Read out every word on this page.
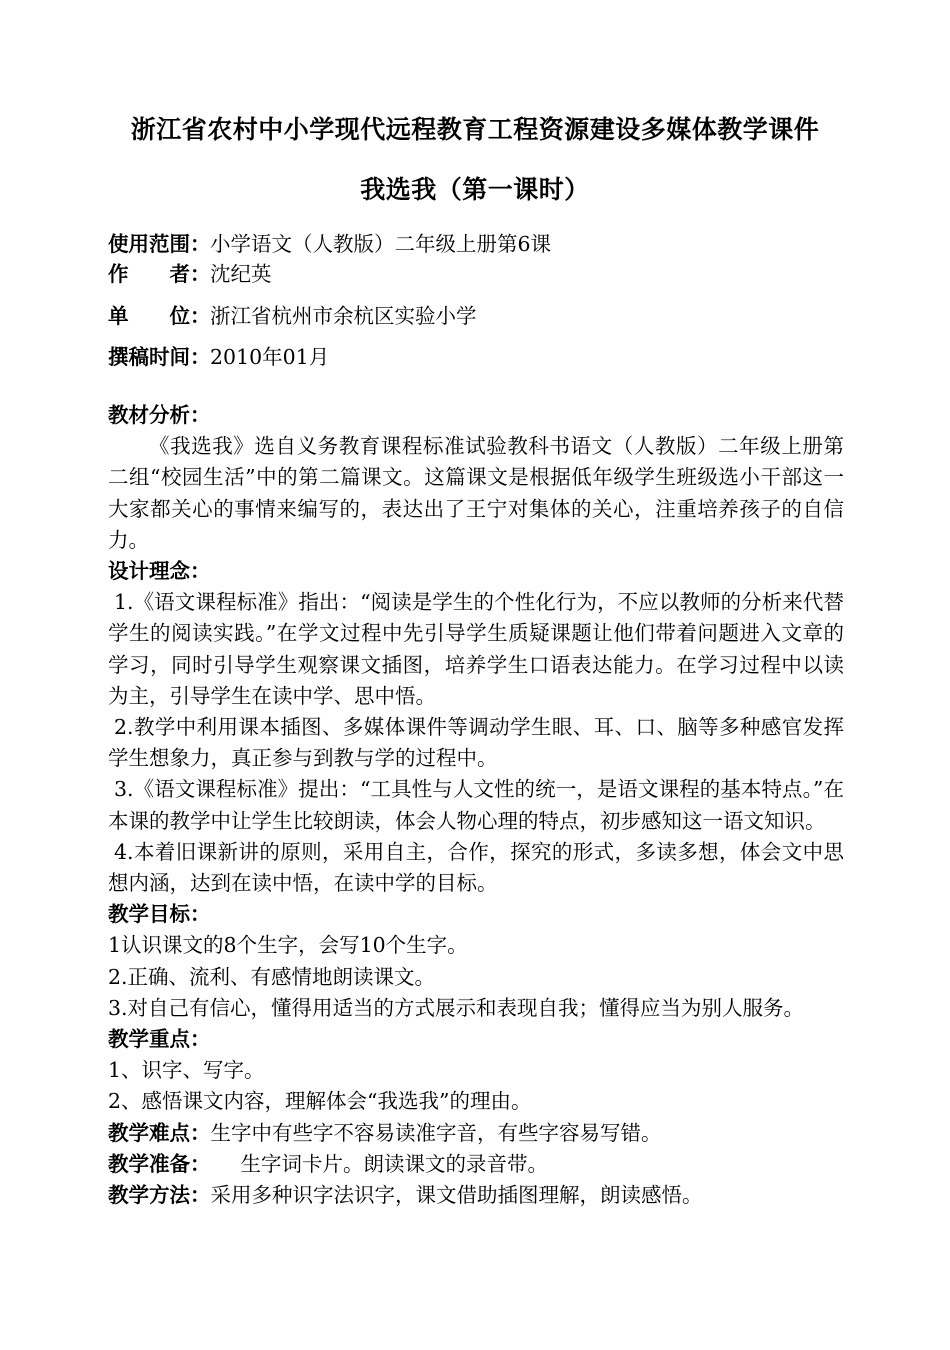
浙江省农村中小学现代远程教育工程资源建设多媒体教学课件
我选我（第一课时）
使用范围：小学语文（人教版）二年级上册第6课
作　　者：沈纪英
单　　位：浙江省杭州市余杭区实验小学
撰稿时间：2010年01月

教材分析：

《我选我》选自义务教育课程标准试验教科书语文（人教版）二年级上册第二组“校园生活”中的第二篇课文。这篇课文是根据低年级学生班级选小干部这一大家都关心的事情来编写的，表达出了王宁对集体的关心，注重培养孩子的自信力。

设计理念：

1.《语文课程标准》指出：“阅读是学生的个性化行为，不应以教师的分析来代替学生的阅读实践。”在学文过程中先引导学生质疑课题让他们带着问题进入文章的学习，同时引导学生观察课文插图，培养学生口语表达能力。在学习过程中以读为主，引导学生在读中学、思中悟。

2.教学中利用课本插图、多媒体课件等调动学生眼、耳、口、脑等多种感官发挥学生想象力，真正参与到教与学的过程中。

3.《语文课程标准》提出：“工具性与人文性的统一，是语文课程的基本特点。”在本课的教学中让学生比较朗读，体会人物心理的特点，初步感知这一语文知识。

4.本着旧课新讲的原则，采用自主，合作，探究的形式，多读多想，体会文中思想内涵，达到在读中悟，在读中学的目标。

教学目标：

1认识课文的8个生字，会写10个生字。

2.正确、流利、有感情地朗读课文。

3.对自己有信心，懂得用适当的方式展示和表现自我；懂得应当为别人服务。

教学重点：

1、识字、写字。

2、感悟课文内容，理解体会“我选我”的理由。

教学难点：生字中有些字不容易读准字音，有些字容易写错。

教学准备： 生字词卡片。朗读课文的录音带。

教学方法：采用多种识字法识字，课文借助插图理解，朗读感悟。
